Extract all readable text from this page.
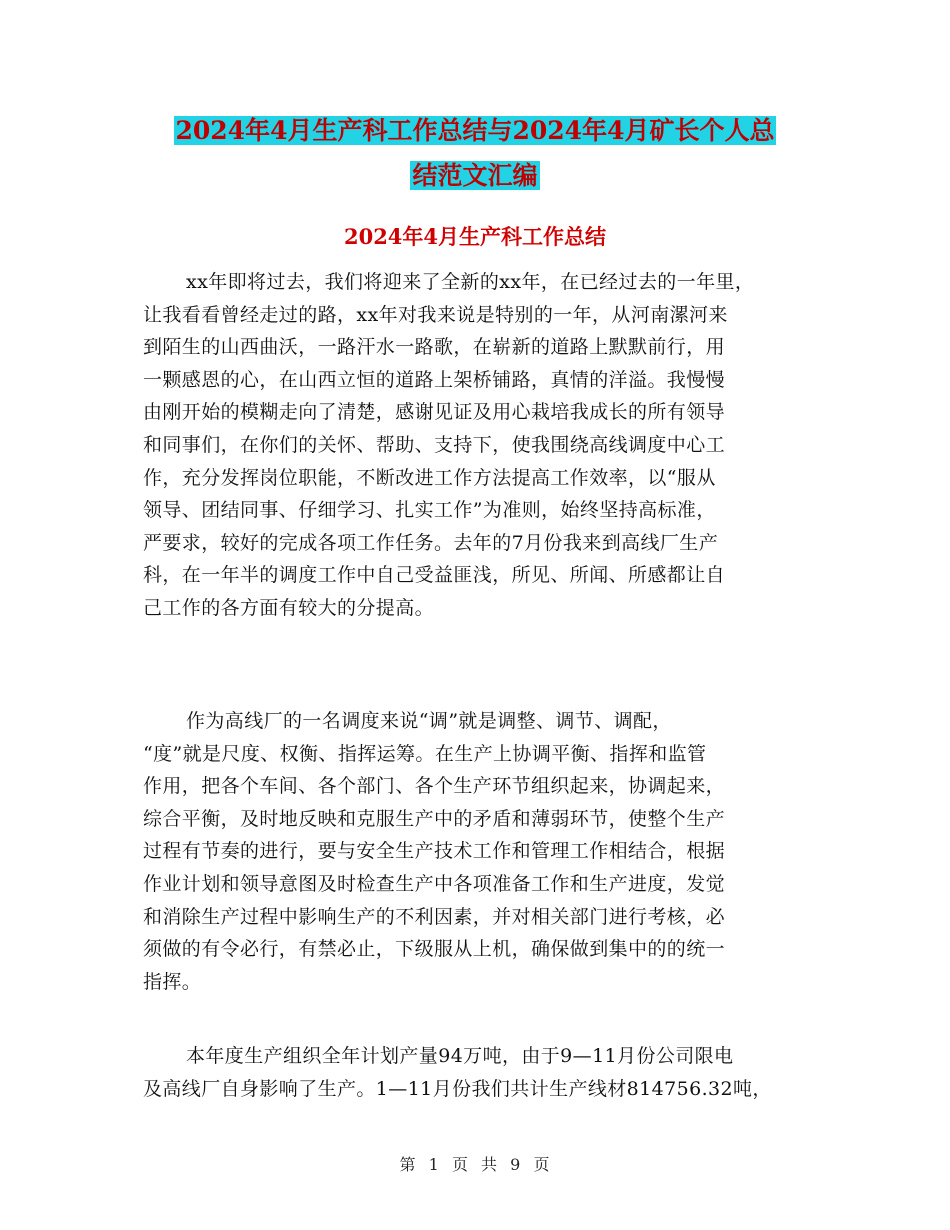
2024年4月生产科工作总结与2024年4月矿长个人总
结范文汇编
2024年4月生产科工作总结
xx年即将过去，我们将迎来了全新的xx年，在已经过去的一年里，
让我看看曾经走过的路，xx年对我来说是特别的一年，从河南漯河来
到陌生的山西曲沃，一路汗水一路歌，在崭新的道路上默默前行，用
一颗感恩的心，在山西立恒的道路上架桥铺路，真情的洋溢。我慢慢
由刚开始的模糊走向了清楚，感谢见证及用心栽培我成长的所有领导
和同事们，在你们的关怀、帮助、支持下，使我围绕高线调度中心工
作，充分发挥岗位职能，不断改进工作方法提高工作效率，以“服从
领导、团结同事、仔细学习、扎实工作”为准则，始终坚持高标准，
严要求，较好的完成各项工作任务。去年的7月份我来到高线厂生产
科，在一年半的调度工作中自己受益匪浅，所见、所闻、所感都让自
己工作的各方面有较大的分提高。
作为高线厂的一名调度来说“调”就是调整、调节、调配，
“度”就是尺度、权衡、指挥运筹。在生产上协调平衡、指挥和监管
作用，把各个车间、各个部门、各个生产环节组织起来，协调起来，
综合平衡，及时地反映和克服生产中的矛盾和薄弱环节，使整个生产
过程有节奏的进行，要与安全生产技术工作和管理工作相结合，根据
作业计划和领导意图及时检查生产中各项准备工作和生产进度，发觉
和消除生产过程中影响生产的不利因素，并对相关部门进行考核，必
须做的有令必行，有禁必止，下级服从上机，确保做到集中的的统一
指挥。
本年度生产组织全年计划产量94万吨，由于9—11月份公司限电
及高线厂自身影响了生产。1—11月份我们共计生产线材814756.32吨，
第 1 页 共 9 页
